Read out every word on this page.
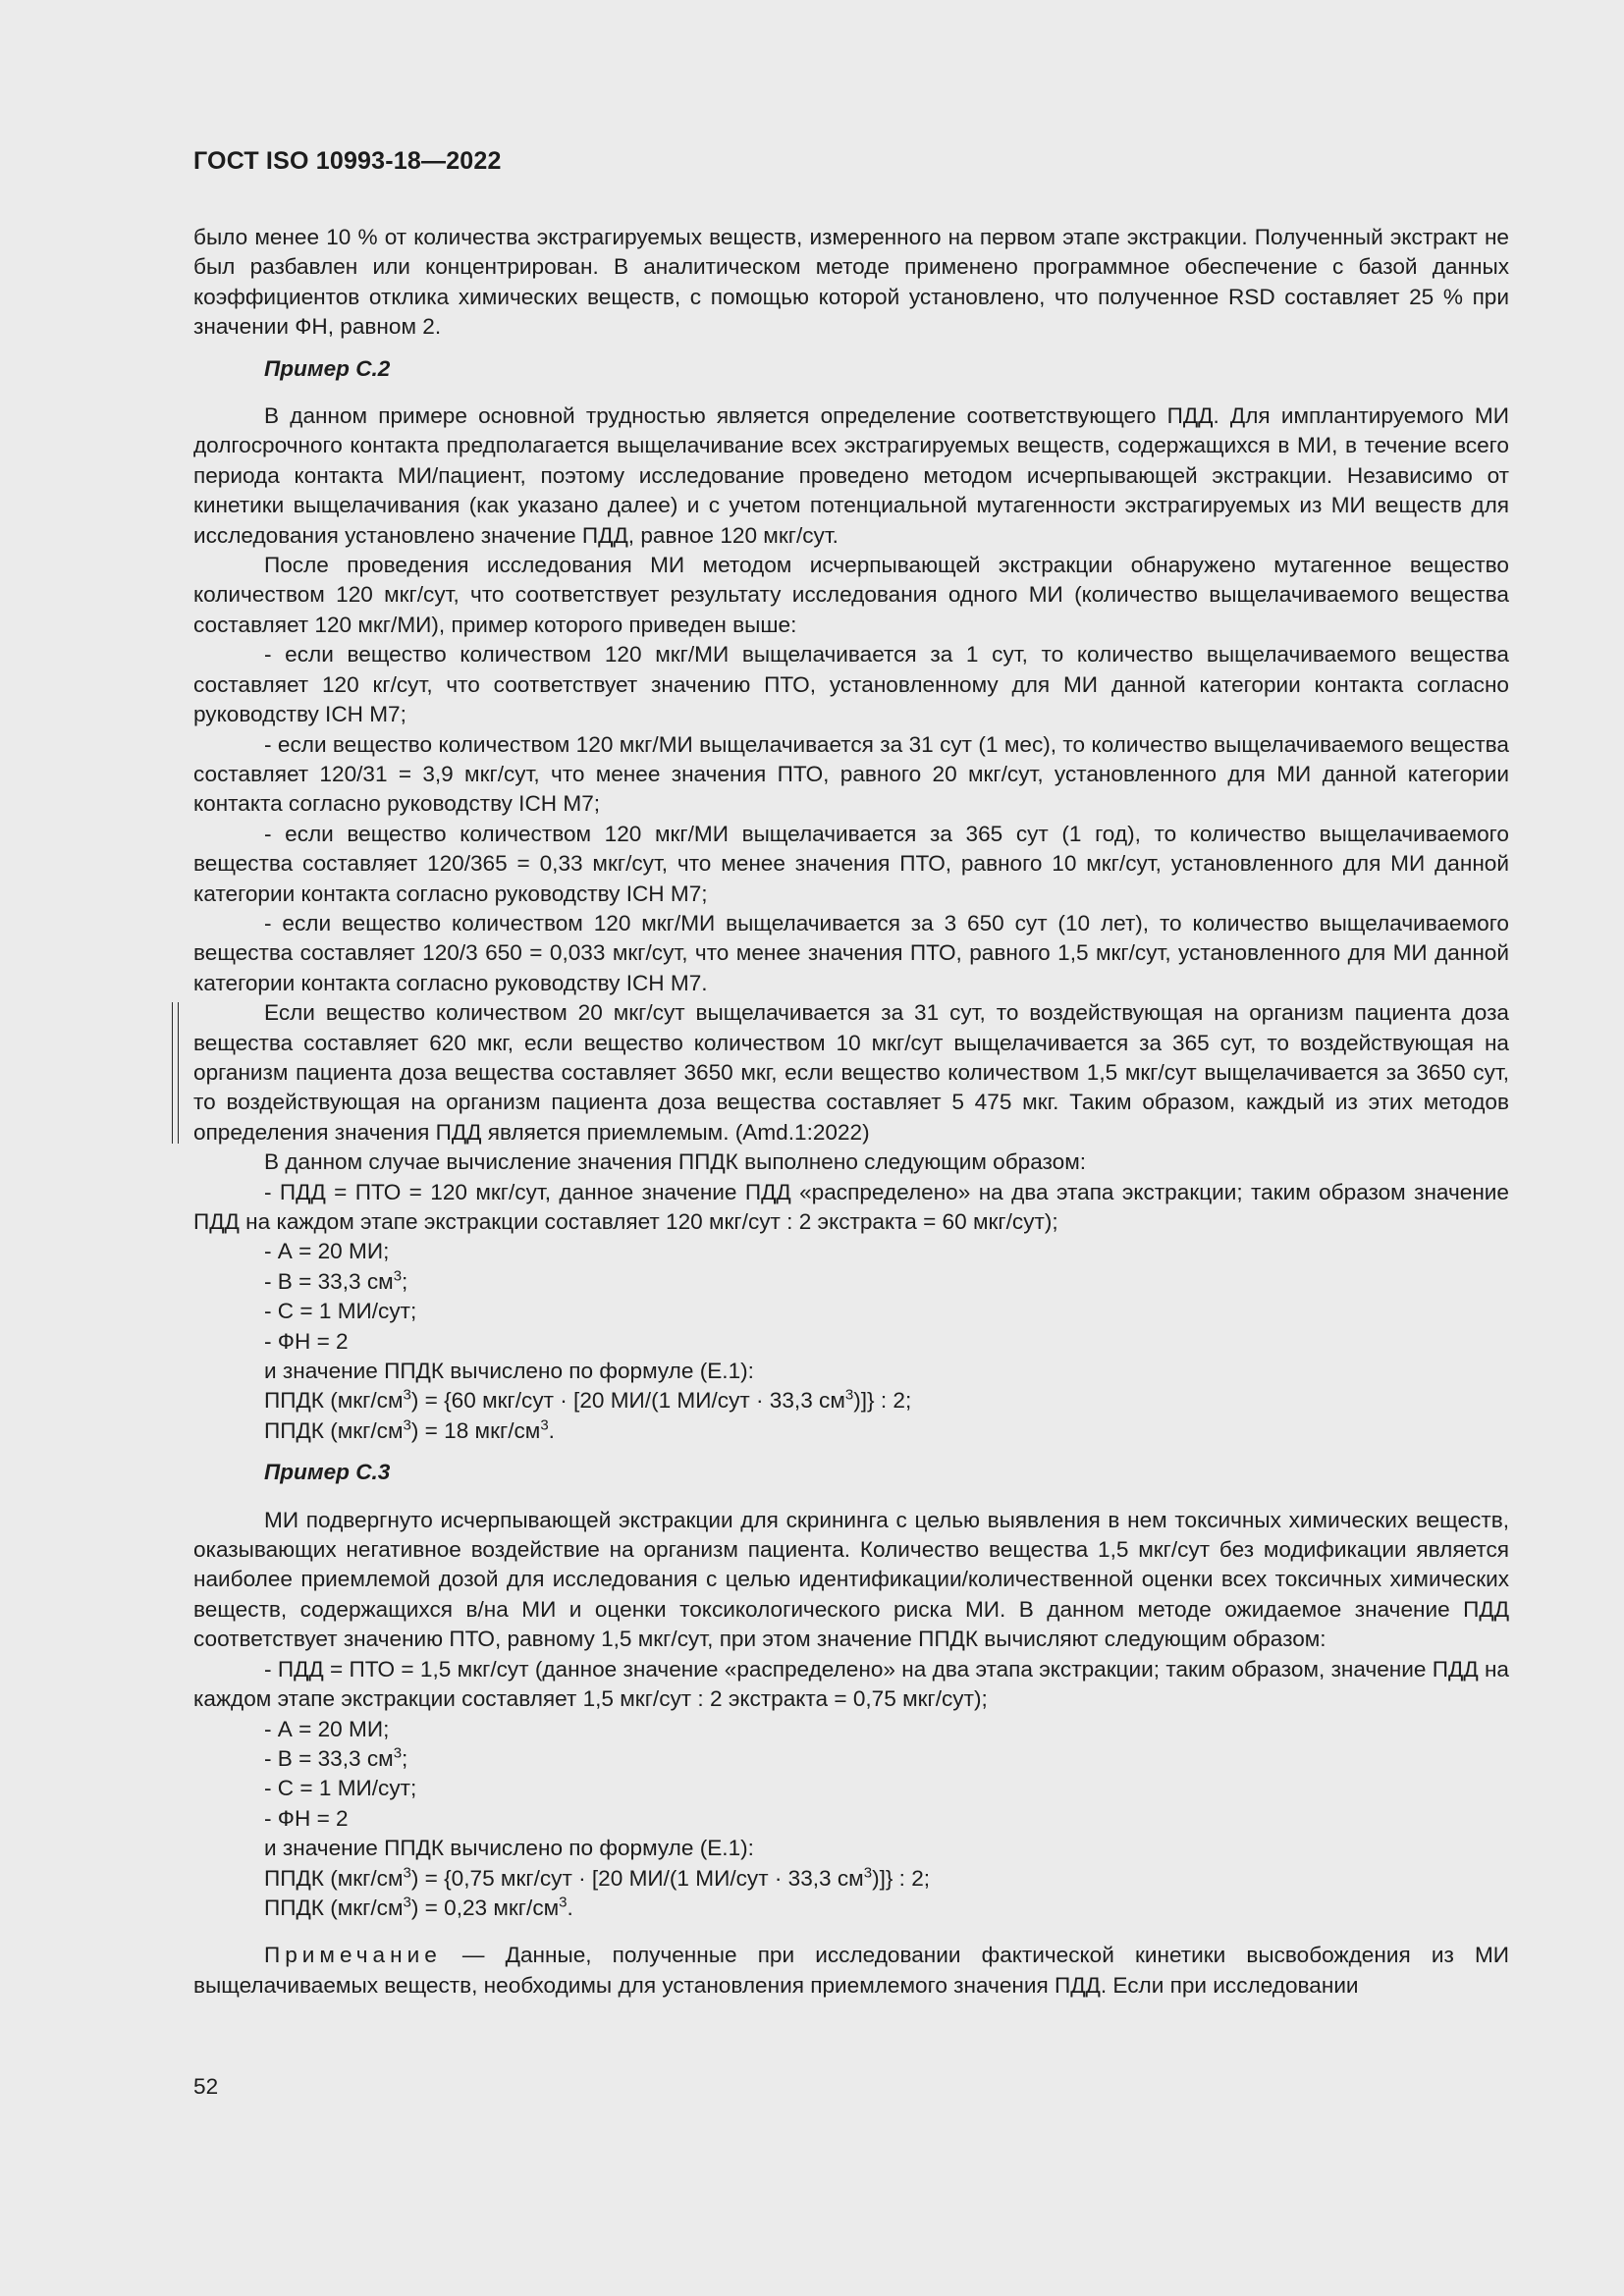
ГОСТ ISO 10993-18—2022

было менее 10 % от количества экстрагируемых веществ, измеренного на первом этапе экстракции. Полученный экстракт не был разбавлен или концентрирован. В аналитическом методе применено программное обеспечение с базой данных коэффициентов отклика химических веществ, с помощью которой установлено, что полученное RSD составляет 25 % при значении ФН, равном 2.

Пример С.2

В данном примере основной трудностью является определение соответствующего ПДД. Для имплантируемого МИ долгосрочного контакта предполагается выщелачивание всех экстрагируемых веществ, содержащихся в МИ, в течение всего периода контакта МИ/пациент, поэтому исследование проведено методом исчерпывающей экстракции. Независимо от кинетики выщелачивания (как указано далее) и с учетом потенциальной мутагенности экстрагируемых из МИ веществ для исследования установлено значение ПДД, равное 120 мкг/сут.

После проведения исследования МИ методом исчерпывающей экстракции обнаружено мутагенное вещество количеством 120 мкг/сут, что соответствует результату исследования одного МИ (количество выщелачиваемого вещества составляет 120 мкг/МИ), пример которого приведен выше:

- если вещество количеством 120 мкг/МИ выщелачивается за 1 сут, то количество выщелачиваемого вещества составляет 120 кг/сут, что соответствует значению ПТО, установленному для МИ данной категории контакта согласно руководству ICH M7;

- если вещество количеством 120 мкг/МИ выщелачивается за 31 сут (1 мес), то количество выщелачиваемого вещества составляет 120/31 = 3,9 мкг/сут, что менее значения ПТО, равного 20 мкг/сут, установленного для МИ данной категории контакта согласно руководству ICH M7;

- если вещество количеством 120 мкг/МИ выщелачивается за 365 сут (1 год), то количество выщелачиваемого вещества составляет 120/365 = 0,33 мкг/сут, что менее значения ПТО, равного 10 мкг/сут, установленного для МИ данной категории контакта согласно руководству ICH M7;

- если вещество количеством 120 мкг/МИ выщелачивается за 3 650 сут (10 лет), то количество выщелачиваемого вещества составляет 120/3 650 = 0,033 мкг/сут, что менее значения ПТО, равного 1,5 мкг/сут, установленного для МИ данной категории контакта согласно руководству ICH M7.

Если вещество количеством 20 мкг/сут выщелачивается за 31 сут, то воздействующая на организм пациента доза вещества составляет 620 мкг, если вещество количеством 10 мкг/сут выщелачивается за 365 сут, то воздействующая на организм пациента доза вещества составляет 3650 мкг, если вещество количеством 1,5 мкг/сут выщелачивается за 3650 сут, то воздействующая на организм пациента доза вещества составляет 5 475 мкг. Таким образом, каждый из этих методов определения значения ПДД является приемлемым. (Amd.1:2022)

В данном случае вычисление значения ППДК выполнено следующим образом:

- ПДД = ПТО = 120 мкг/сут, данное значение ПДД «распределено» на два этапа экстракции; таким образом значение ПДД на каждом этапе экстракции составляет 120 мкг/сут : 2 экстракта = 60 мкг/сут);

- А = 20 МИ;

- В = 33,3 $см^3$;

- С = 1 МИ/сут;

- ФН = 2

и значение ППДК вычислено по формуле (Е.1):

ППДК $(мкг/см^3) = \{60$ мкг/сут · [20 МИ/(1 МИ/сут · 33,3 $см^3$)]} : 2;

ППДК $(мкг/см^3) = 18$ мкг/$см^3$.

Пример С.3

МИ подвергнуто исчерпывающей экстракции для скрининга с целью выявления в нем токсичных химических веществ, оказывающих негативное воздействие на организм пациента. Количество вещества 1,5 мкг/сут без модификации является наиболее приемлемой дозой для исследования с целью идентификации/количественной оценки всех токсичных химических веществ, содержащихся в/на МИ и оценки токсикологического риска МИ. В данном методе ожидаемое значение ПДД соответствует значению ПТО, равному 1,5 мкг/сут, при этом значение ППДК вычисляют следующим образом:

- ПДД = ПТО = 1,5 мкг/сут (данное значение «распределено» на два этапа экстракции; таким образом, значение ПДД на каждом этапе экстракции составляет 1,5 мкг/сут : 2 экстракта = 0,75 мкг/сут);

- А = 20 МИ;

- В = 33,3 $см^3$;

- С = 1 МИ/сут;

- ФН = 2

и значение ППДК вычислено по формуле (Е.1):

ППДК $(мкг/см^3) = \{0,75$ мкг/сут · [20 МИ/(1 МИ/сут · 33,3 $см^3$)]} : 2;

ППДК $(мкг/см^3) = 0,23$ мкг/$см^3$.

Примечание — Данные, полученные при исследовании фактической кинетики высвобождения из МИ выщелачиваемых веществ, необходимы для установления приемлемого значения ПДД. Если при исследовании

52
